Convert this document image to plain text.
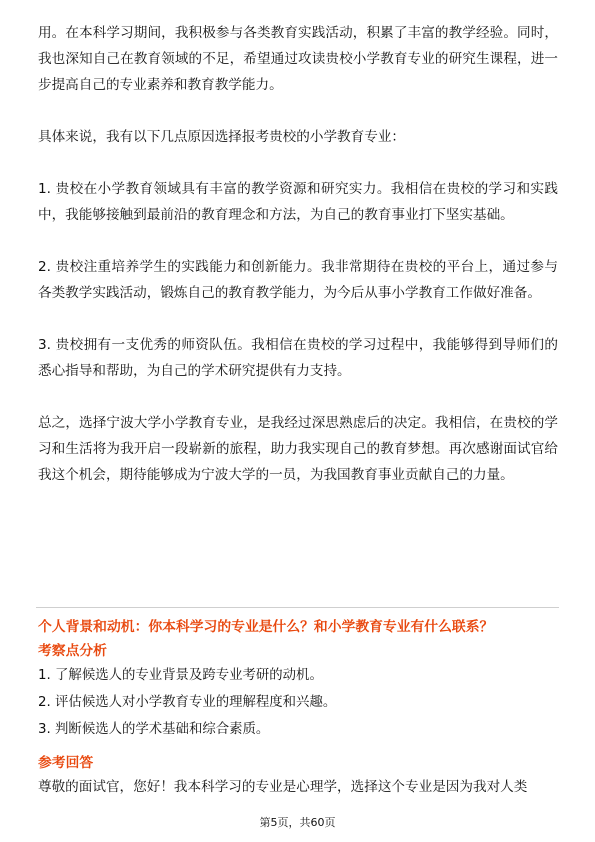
用。在本科学习期间，我积极参与各类教育实践活动，积累了丰富的教学经验。同时，我也深知自己在教育领域的不足，希望通过攻读贵校小学教育专业的研究生课程，进一步提高自己的专业素养和教育教学能力。

具体来说，我有以下几点原因选择报考贵校的小学教育专业：

1. 贵校在小学教育领域具有丰富的教学资源和研究实力。我相信在贵校的学习和实践中，我能够接触到最前沿的教育理念和方法，为自己的教育事业打下坚实基础。

2. 贵校注重培养学生的实践能力和创新能力。我非常期待在贵校的平台上，通过参与各类教学实践活动，锻炼自己的教育教学能力，为今后从事小学教育工作做好准备。

3. 贵校拥有一支优秀的师资队伍。我相信在贵校的学习过程中，我能够得到导师们的悉心指导和帮助，为自己的学术研究提供有力支持。

总之，选择宁波大学小学教育专业，是我经过深思熟虑后的决定。我相信，在贵校的学习和生活将为我开启一段崭新的旅程，助力我实现自己的教育梦想。再次感谢面试官给我这个机会，期待能够成为宁波大学的一员，为我国教育事业贡献自己的力量。

个人背景和动机：你本科学习的专业是什么？和小学教育专业有什么联系？

考察点分析

1. 了解候选人的专业背景及跨专业考研的动机。

2. 评估候选人对小学教育专业的理解程度和兴趣。

3. 判断候选人的学术基础和综合素质。

参考回答

尊敬的面试官，您好！我本科学习的专业是心理学，选择这个专业是因为我对人类

第5页，共60页
